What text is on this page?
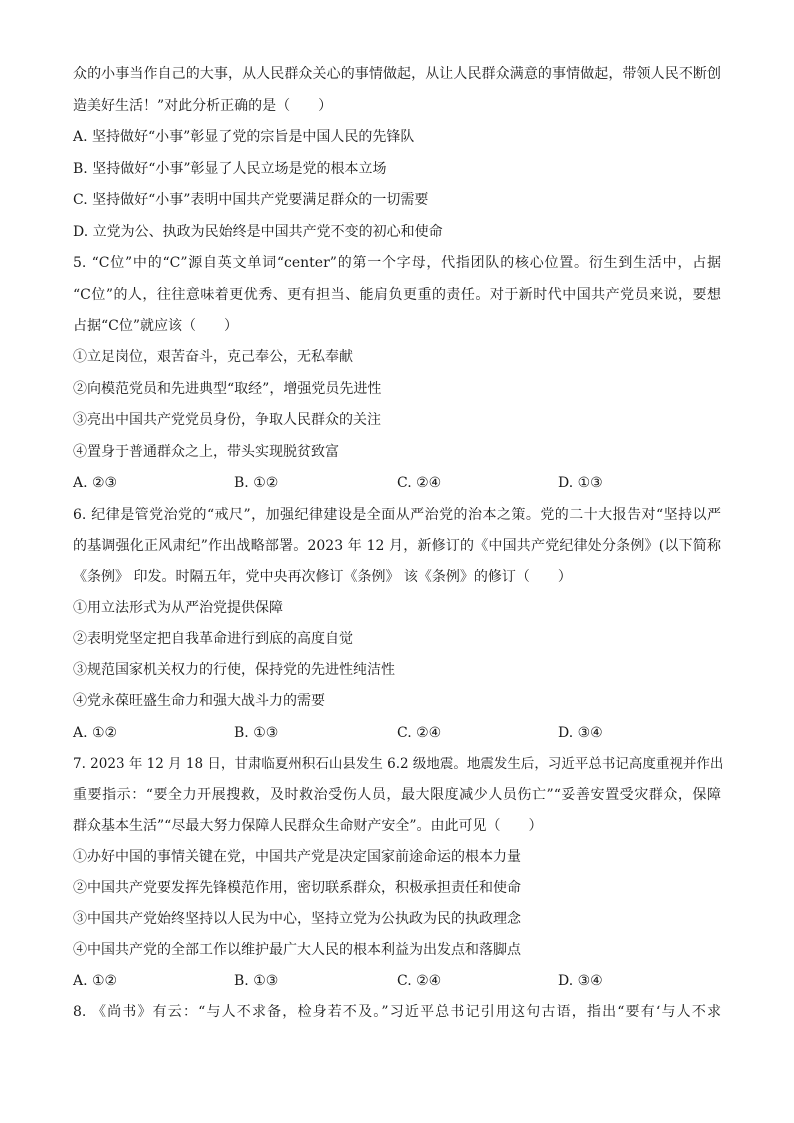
众的小事当作自己的大事，从人民群众关心的事情做起，从让人民群众满意的事情做起，带领人民不断创
造美好生活！”对此分析正确的是（　　）
A. 坚持做好“小事”彰显了党的宗旨是中国人民的先锋队
B. 坚持做好“小事”彰显了人民立场是党的根本立场
C. 坚持做好“小事”表明中国共产党要满足群众的一切需要
D. 立党为公、执政为民始终是中国共产党不变的初心和使命
5. “C位”中的“C”源自英文单词“center”的第一个字母，代指团队的核心位置。衍生到生活中，占据
“C位”的人，往往意味着更优秀、更有担当、能肩负更重的责任。对于新时代中国共产党员来说，要想
占据“C位”就应该（　　）
①立足岗位，艰苦奋斗，克己奉公，无私奉献
②向模范党员和先进典型“取经”，增强党员先进性
③亮出中国共产党党员身份，争取人民群众的关注
④置身于普通群众之上，带头实现脱贫致富
A. ②③	B. ①②	C. ②④	D. ①③
6. 纪律是管党治党的“戒尺”，加强纪律建设是全面从严治党的治本之策。党的二十大报告对“坚持以严
的基调强化正风肃纪”作出战略部署。2023 年 12 月，新修订的《中国共产党纪律处分条例》(以下简称
《条例》 印发。时隔五年，党中央再次修订《条例》 该《条例》的修订（　　）
①用立法形式为从严治党提供保障
②表明党坚定把自我革命进行到底的高度自觉
③规范国家机关权力的行使，保持党的先进性纯洁性
④党永葆旺盛生命力和强大战斗力的需要
A. ①②	B. ①③	C. ②④	D. ③④
7. 2023 年 12 月 18 日，甘肃临夏州积石山县发生 6.2 级地震。地震发生后，习近平总书记高度重视并作出
重要指示：“要全力开展搜救，及时救治受伤人员，最大限度减少人员伤亡”“妥善安置受灾群众，保障
群众基本生活”“尽最大努力保障人民群众生命财产安全”。由此可见（　　）
①办好中国的事情关键在党，中国共产党是决定国家前途命运的根本力量
②中国共产党要发挥先锋模范作用，密切联系群众，积极承担责任和使命
③中国共产党始终坚持以人民为中心，坚持立党为公执政为民的执政理念
④中国共产党的全部工作以维护最广大人民的根本利益为出发点和落脚点
A. ①②	B. ①③	C. ②④	D. ③④
8. 《尚书》有云：“与人不求备，检身若不及。”习近平总书记引用这句古语，指出“要有‘与人不求
